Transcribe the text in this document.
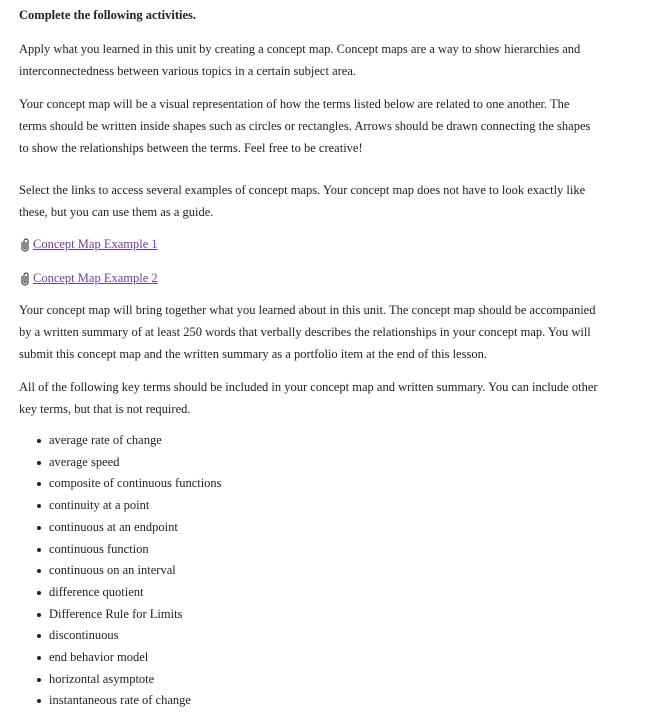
Complete the following activities.

Apply what you learned in this unit by creating a concept map. Concept maps are a way to show hierarchies and interconnectedness between various topics in a certain subject area.

Your concept map will be a visual representation of how the terms listed below are related to one another. The terms should be written inside shapes such as circles or rectangles. Arrows should be drawn connecting the shapes to show the relationships between the terms. Feel free to be creative!

Select the links to access several examples of concept maps. Your concept map does not have to look exactly like these, but you can use them as a guide.

Concept Map Example 1
Concept Map Example 2

Your concept map will bring together what you learned about in this unit. The concept map should be accompanied by a written summary of at least 250 words that verbally describes the relationships in your concept map. You will submit this concept map and the written summary as a portfolio item at the end of this lesson.

All of the following key terms should be included in your concept map and written summary. You can include other key terms, but that is not required.

average rate of change
average speed
composite of continuous functions
continuity at a point
continuous at an endpoint
continuous function
continuous on an interval
difference quotient
Difference Rule for Limits
discontinuous
end behavior model
horizontal asymptote
instantaneous rate of change
